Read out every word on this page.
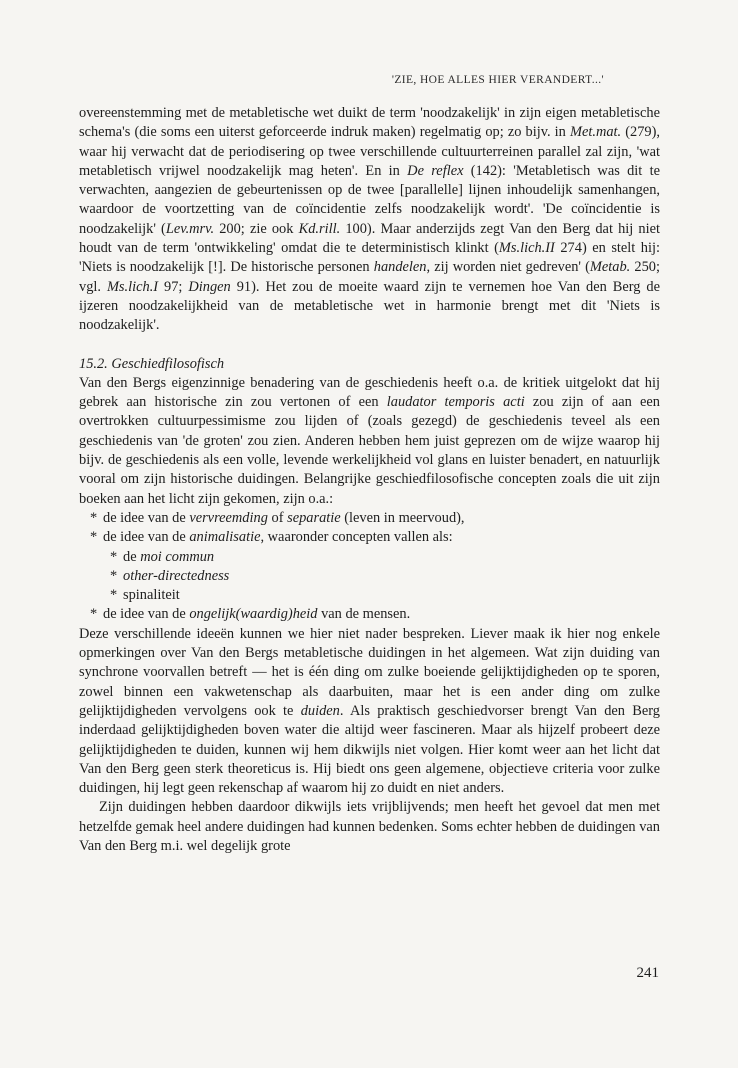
'ZIE, HOE ALLES HIER VERANDERT...'

overeenstemming met de metabletische wet duikt de term 'noodzakelijk' in zijn eigen metabletische schema's (die soms een uiterst geforceerde indruk maken) regelmatig op; zo bijv. in Met.mat. (279), waar hij verwacht dat de periodisering op twee verschillende cultuurterreinen parallel zal zijn, 'wat metabletisch vrijwel noodzakelijk mag heten'. En in De reflex (142): 'Metabletisch was dit te verwachten, aangezien de gebeurtenissen op de twee [parallelle] lijnen inhoudelijk samenhangen, waardoor de voortzetting van de coïncidentie zelfs noodzakelijk wordt'. 'De coïncidentie is noodzakelijk' (Lev.mrv. 200; zie ook Kd.rill. 100). Maar anderzijds zegt Van den Berg dat hij niet houdt van de term 'ontwikkeling' omdat die te deterministisch klinkt (Ms.lich.II 274) en stelt hij: 'Niets is noodzakelijk [!]. De historische personen handelen, zij worden niet gedreven' (Metab. 250; vgl. Ms.lich.I 97; Dingen 91). Het zou de moeite waard zijn te vernemen hoe Van den Berg de ijzeren noodzakelijkheid van de metabletische wet in harmonie brengt met dit 'Niets is noodzakelijk'.

15.2. Geschiedfilosofisch

Van den Bergs eigenzinnige benadering van de geschiedenis heeft o.a. de kritiek uitgelokt dat hij gebrek aan historische zin zou vertonen of een laudator temporis acti zou zijn of aan een overtrokken cultuurpessimisme zou lijden of (zoals gezegd) de geschiedenis teveel als een geschiedenis van 'de groten' zou zien. Anderen hebben hem juist geprezen om de wijze waarop hij bijv. de geschiedenis als een volle, levende werkelijkheid vol glans en luister benadert, en natuurlijk vooral om zijn historische duidingen. Belangrijke geschiedfilosofische concepten zoals die uit zijn boeken aan het licht zijn gekomen, zijn o.a.:

* de idee van de vervreemding of separatie (leven in meervoud),
* de idee van de animalisatie, waaronder concepten vallen als:
* de moi commun
* other-directedness
* spinaliteit
* de idee van de ongelijk(waardig)heid van de mensen.

Deze verschillende ideeën kunnen we hier niet nader bespreken. Liever maak ik hier nog enkele opmerkingen over Van den Bergs metabletische duidingen in het algemeen. Wat zijn duiding van synchrone voorvallen betreft — het is één ding om zulke boeiende gelijktijdigheden op te sporen, zowel binnen een vakwetenschap als daarbuiten, maar het is een ander ding om zulke gelijktijdigheden vervolgens ook te duiden. Als praktisch geschiedvorser brengt Van den Berg inderdaad gelijktijdigheden boven water die altijd weer fascineren. Maar als hijzelf probeert deze gelijktijdigheden te duiden, kunnen wij hem dikwijls niet volgen. Hier komt weer aan het licht dat Van den Berg geen sterk theoreticus is. Hij biedt ons geen algemene, objectieve criteria voor zulke duidingen, hij legt geen rekenschap af waarom hij zo duidt en niet anders.

Zijn duidingen hebben daardoor dikwijls iets vrijblijvends; men heeft het gevoel dat men met hetzelfde gemak heel andere duidingen had kunnen bedenken. Soms echter hebben de duidingen van Van den Berg m.i. wel degelijk grote

241
